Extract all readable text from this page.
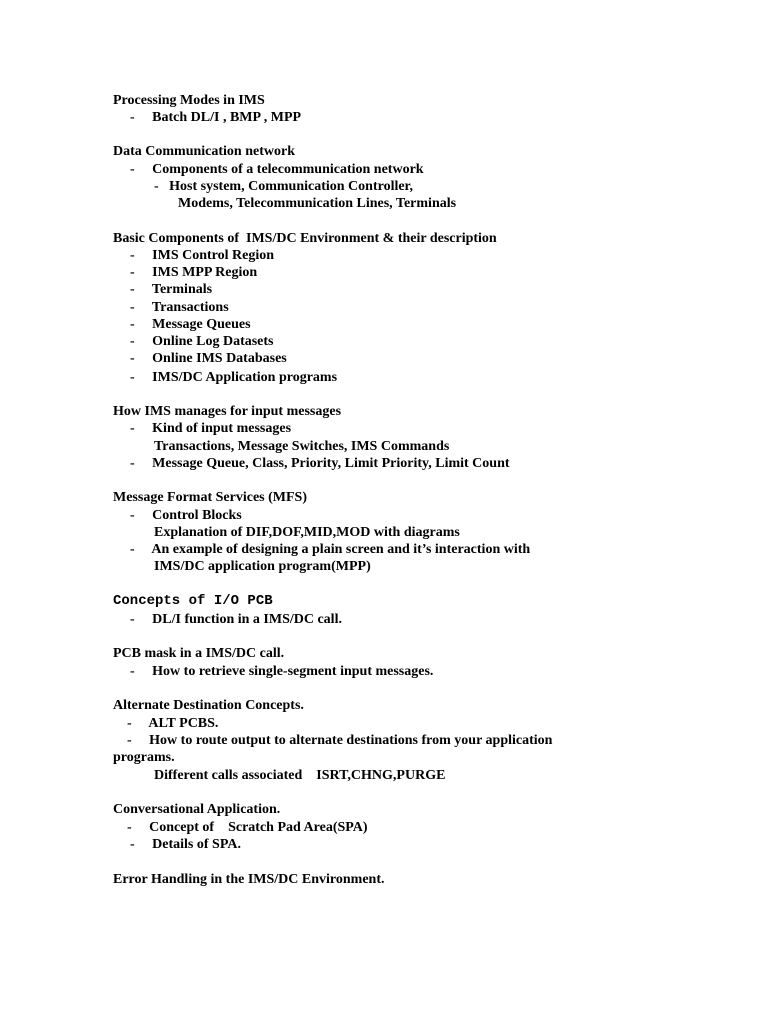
Processing Modes in IMS
-     Batch DL/I , BMP , MPP
Data Communication network
-     Components of a telecommunication network
-   Host system, Communication Controller,
Modems, Telecommunication Lines, Terminals
Basic Components of  IMS/DC Environment & their description
-     IMS Control Region
-     IMS MPP Region
-     Terminals
-     Transactions
-     Message Queues
-     Online Log Datasets
-     Online IMS Databases
-     IMS/DC Application programs
How IMS manages for input messages
-     Kind of input messages
Transactions, Message Switches, IMS Commands
-     Message Queue, Class, Priority, Limit Priority, Limit Count
Message Format Services (MFS)
-     Control Blocks
Explanation of DIF,DOF,MID,MOD with diagrams
-     An example of designing a plain screen and it’s interaction with
IMS/DC application program(MPP)
Concepts of I/O PCB
-     DL/I function in a IMS/DC call.
PCB mask in a IMS/DC call.
-     How to retrieve single-segment input messages.
Alternate Destination Concepts.
-     ALT PCBS.
-     How to route output to alternate destinations from your application
programs.
Different calls associated    ISRT,CHNG,PURGE
Conversational Application.
-     Concept of    Scratch Pad Area(SPA)
-     Details of SPA.
Error Handling in the IMS/DC Environment.
